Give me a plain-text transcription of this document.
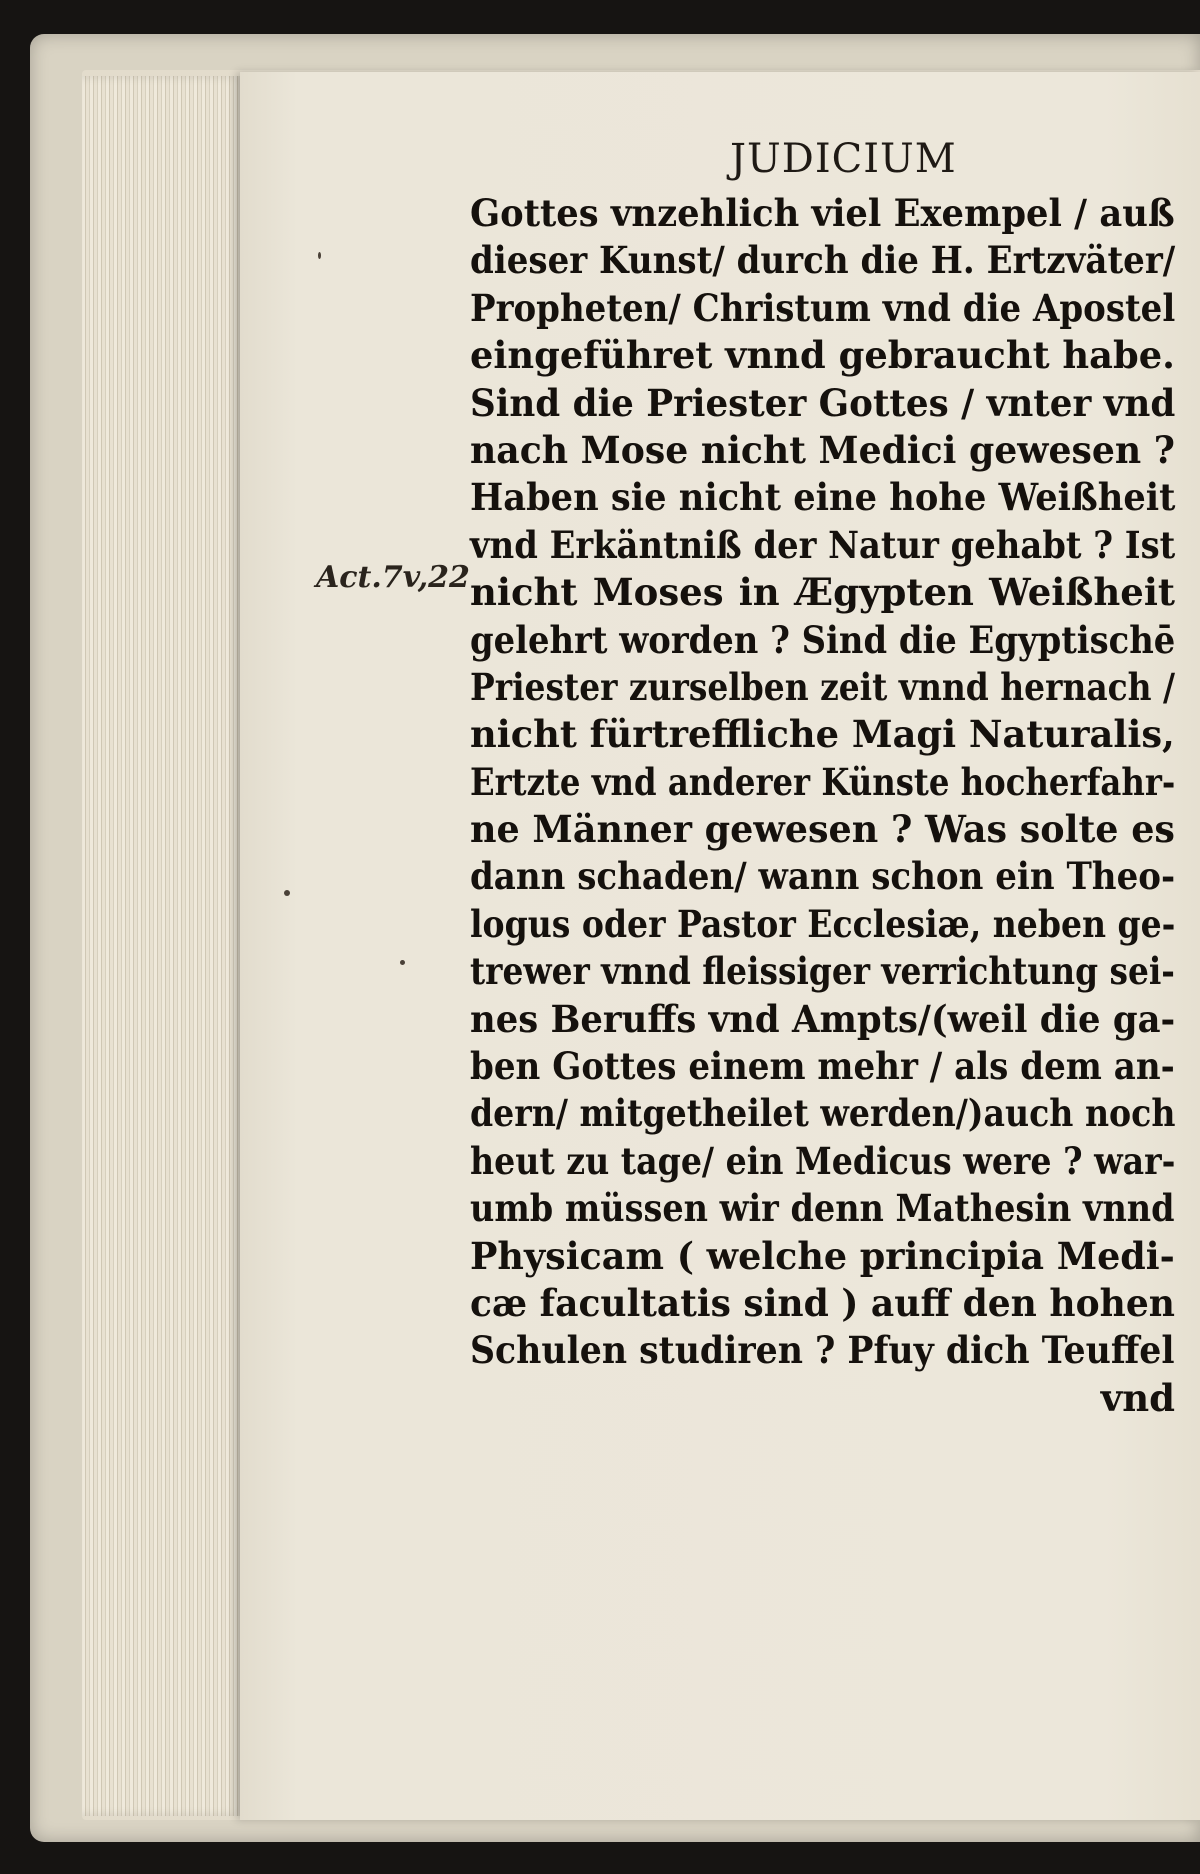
JUDICIUM
Act.7v,22
Gottes vnzehlich viel Exempel / auß
dieser Kunst/ durch die H. Ertzväter/
Propheten/ Christum vnd die Apostel
eingeführet vnnd gebraucht habe.
Sind die Priester Gottes / vnter vnd
nach Mose nicht Medici gewesen ?
Haben sie nicht eine hohe Weißheit
vnd Erkäntniß der Natur gehabt ? Ist
nicht Moses in Ægypten Weißheit
gelehrt worden ? Sind die Egyptischē
Priester zurselben zeit vnnd hernach /
nicht fürtreffliche Magi Naturalis,
Ertzte vnd anderer Künste hocherfahr-
ne Männer gewesen ? Was solte es
dann schaden/ wann schon ein Theo-
logus oder Pastor Ecclesiæ, neben ge-
trewer vnnd fleissiger verrichtung sei-
nes Beruffs vnd Ampts/(weil die ga-
ben Gottes einem mehr / als dem an-
dern/ mitgetheilet werden/)auch noch
heut zu tage/ ein Medicus were ? war-
umb müssen wir denn Mathesin vnnd
Physicam ( welche principia Medi-
cæ facultatis sind ) auff den hohen
Schulen studiren ? Pfuy dich Teuffel
vnd
